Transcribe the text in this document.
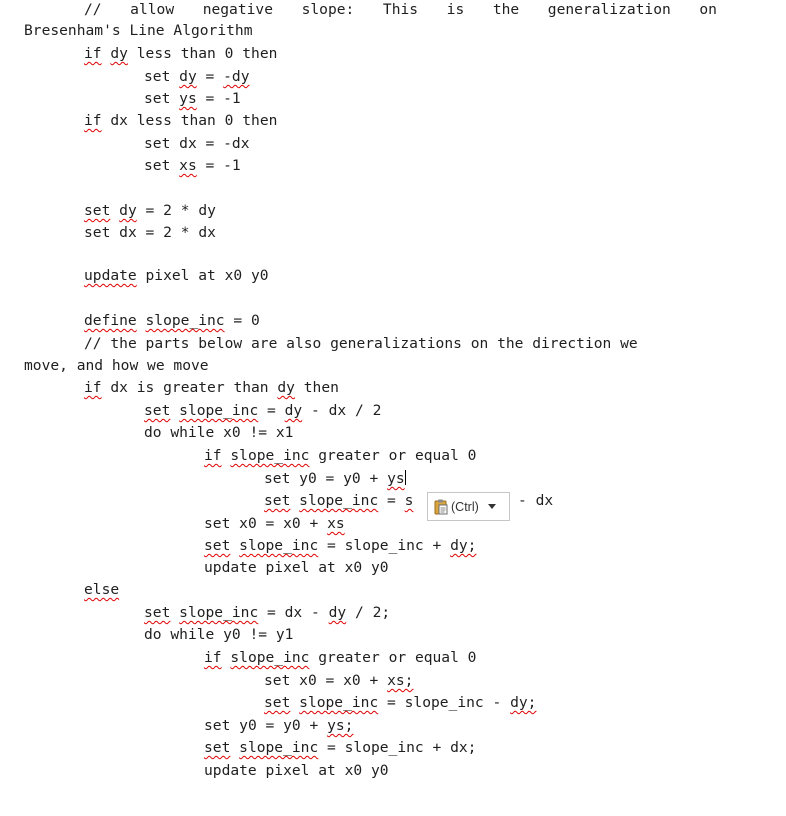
// allow negative slope: This is the generalization on
Bresenham's Line Algorithm
if dy less than 0 then
set dy = -dy
set ys = -1
if dx less than 0 then
set dx = -dx
set xs = -1
set dy = 2 * dy
set dx = 2 * dx
update pixel at x0 y0
define slope_inc = 0
// the parts below are also generalizations on the direction we
move, and how we move
if dx is greater than dy then
set slope_inc = dy - dx / 2
do while x0 != x1
if slope_inc greater or equal 0
set y0 = y0 + ys
set slope_inc = s	- dx
set x0 = x0 + xs
set slope_inc = slope_inc + dy;
update pixel at x0 y0
else
set slope_inc = dx - dy / 2;
do while y0 != y1
if slope_inc greater or equal 0
set x0 = x0 + xs;
set slope_inc = slope_inc - dy;
set y0 = y0 + ys;
set slope_inc = slope_inc + dx;
update pixel at x0 y0
(Ctrl)
